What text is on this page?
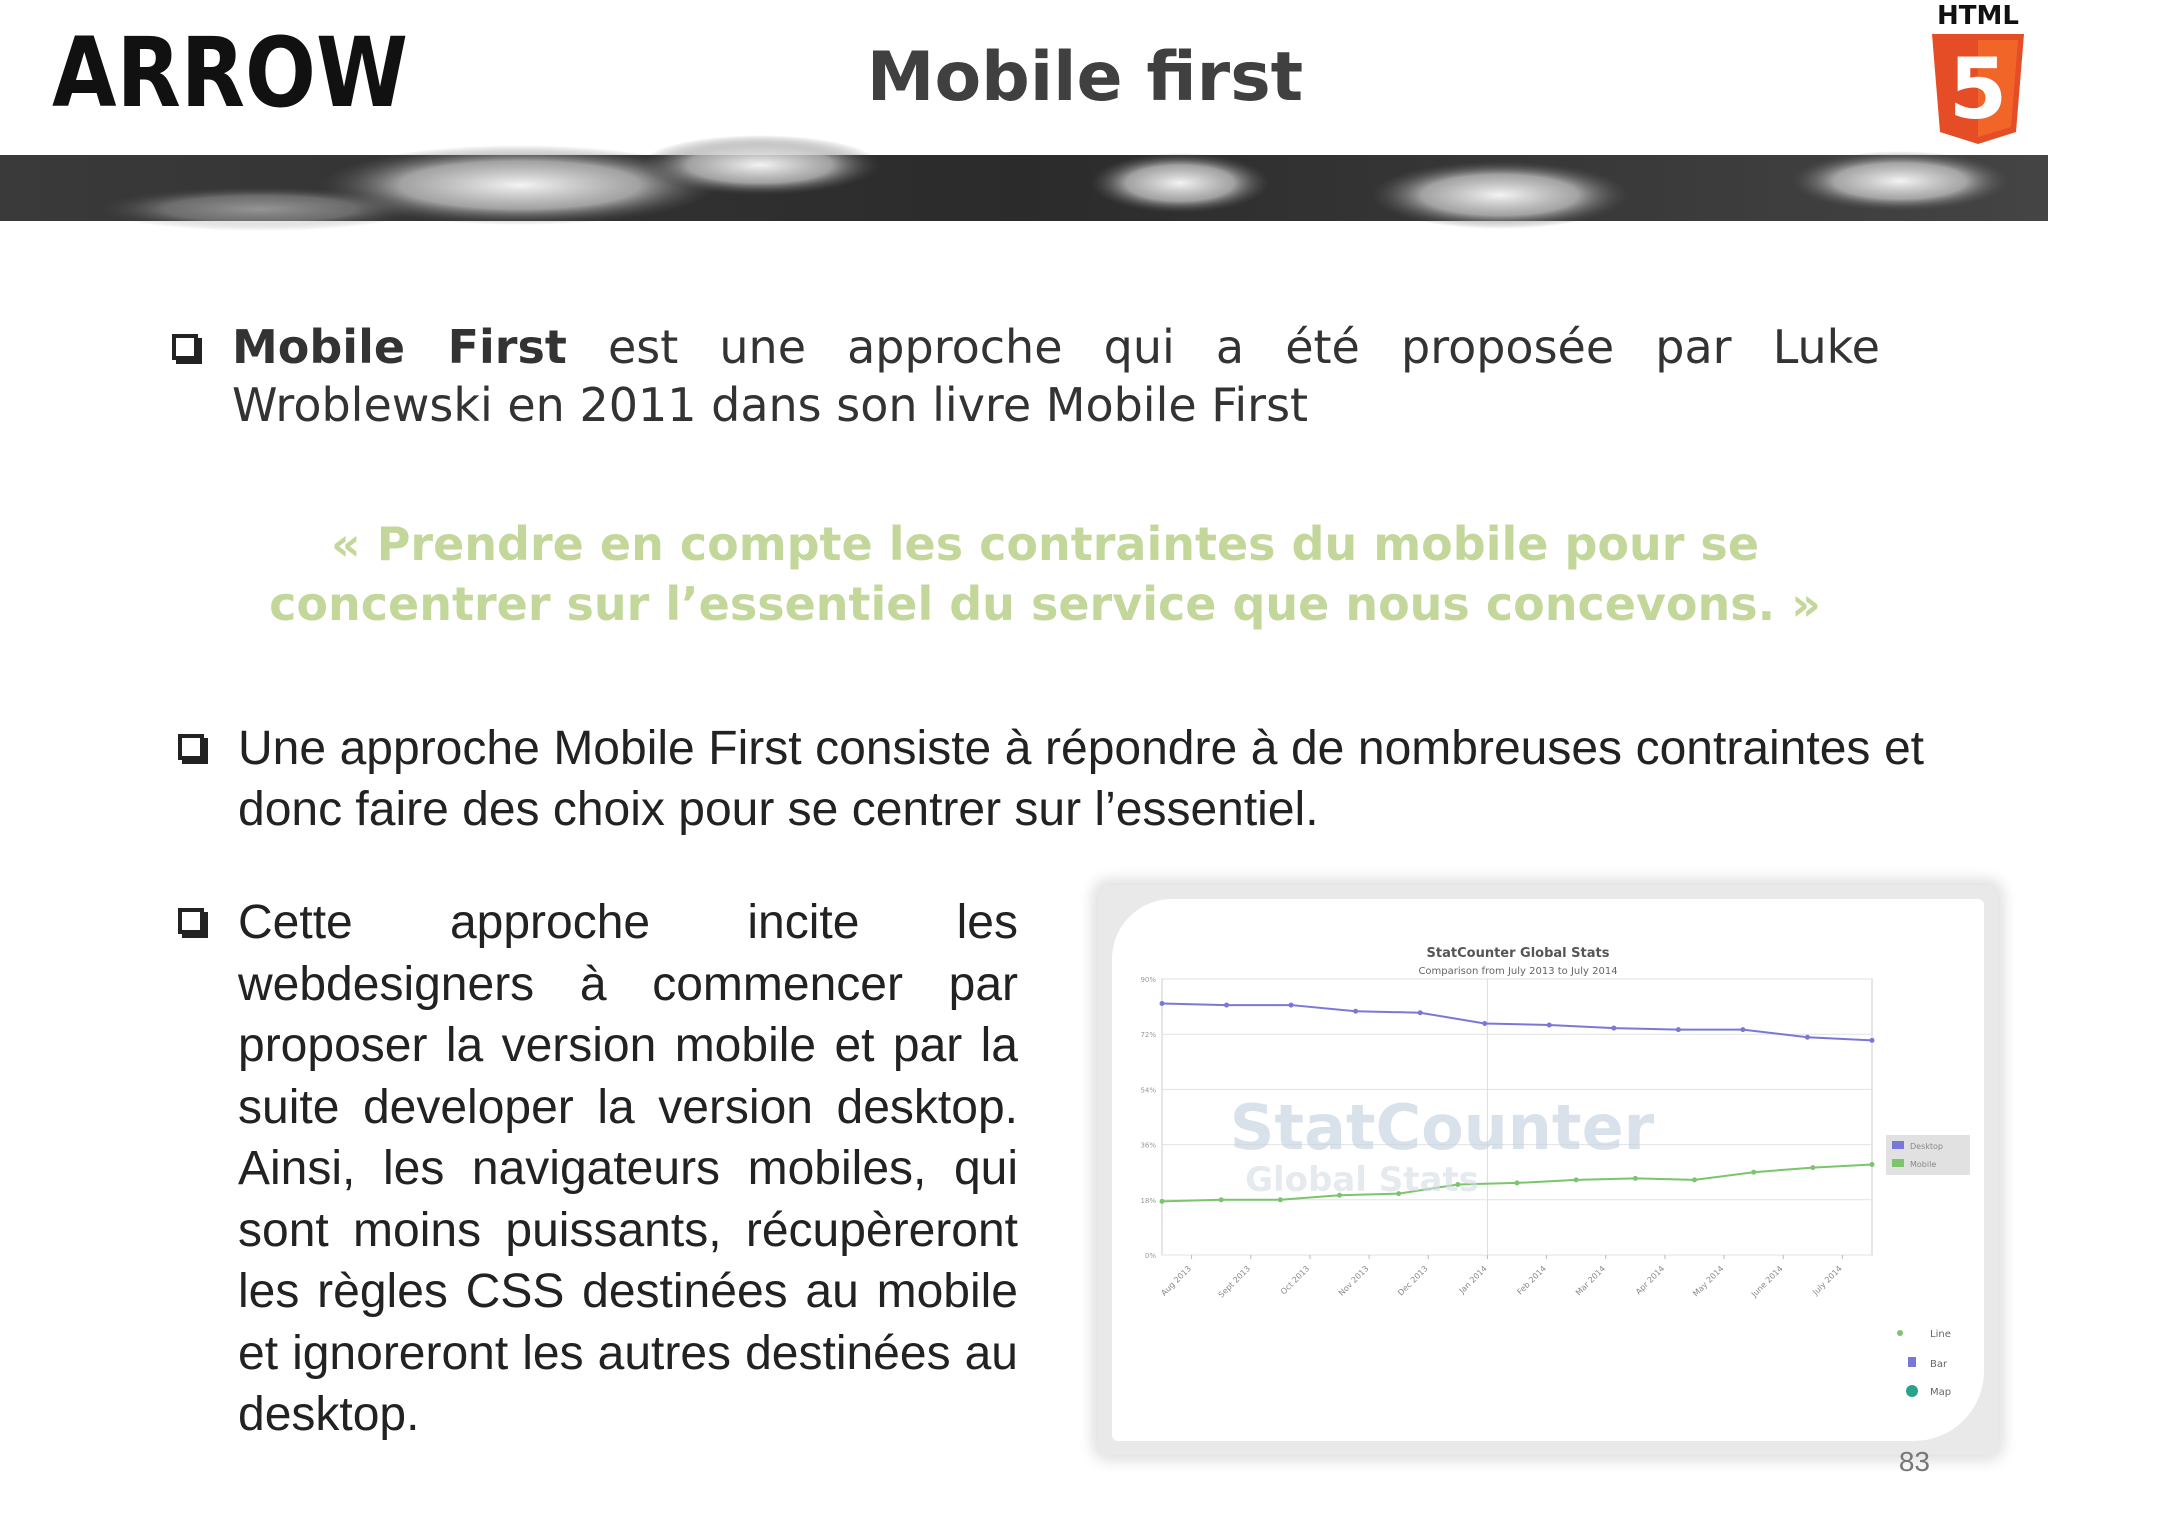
ARROW	Mobile first
HTML
5
Mobile First est une approche qui a été proposée par Luke Wroblewski en 2011 dans son livre Mobile First
« Prendre en compte les contraintes du mobile pour se
concentrer sur l’essentiel du service que nous concevons. »
Une approche Mobile First consiste à répondre à de nombreuses contraintes et donc faire des choix pour se centrer sur l’essentiel.
Cette approche incite les webdesigners à commencer par proposer la version mobile et par la suite developer la version desktop. Ainsi, les navigateurs mobiles, qui sont moins puissants, récupèreront les règles CSS destinées au mobile et ignoreront les autres destinées au desktop.
StatCounter Global Stats
Comparison from July 2013 to July 2014
90%
72%
54%
36%
18%
0%
Aug 2013	Sept 2013	Oct 2013	Nov 2013	Dec 2013	Jan 2014	Feb 2014	Mar 2014	Apr 2014	May 2014	June 2014	July 2014
StatCounter
Global Stats
Desktop
Mobile
Line
Bar
Map
83
